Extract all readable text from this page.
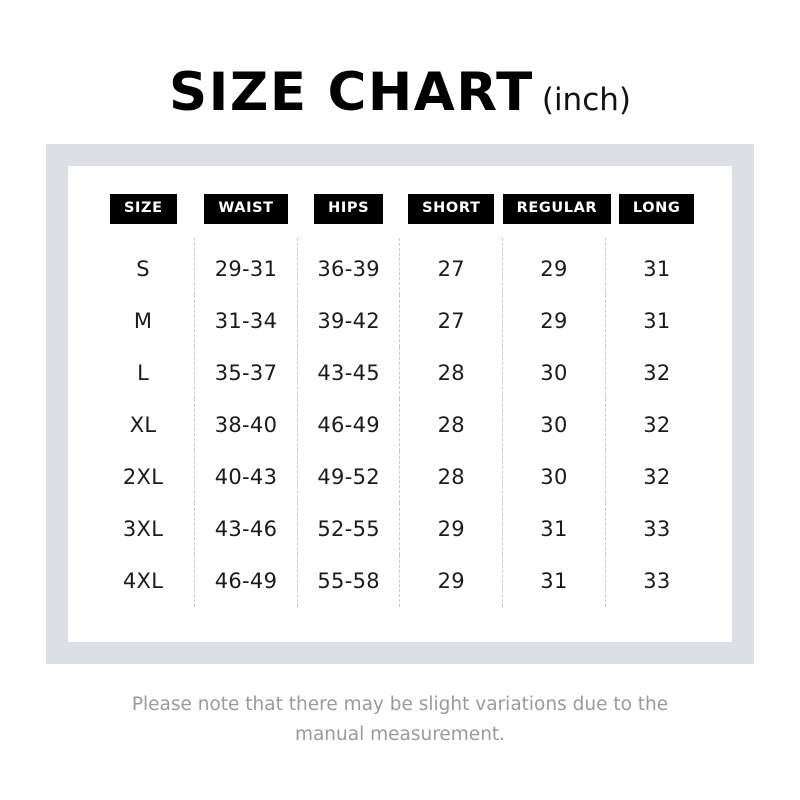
SIZE CHART (inch)
SIZE	WAIST	HIPS	SHORT	REGULAR	LONG
S	29-31	36-39	27	29	31
M	31-34	39-42	27	29	31
L	35-37	43-45	28	30	32
XL	38-40	46-49	28	30	32
2XL	40-43	49-52	28	30	32
3XL	43-46	52-55	29	31	33
4XL	46-49	55-58	29	31	33
Please note that there may be slight variations due to the
manual measurement.
